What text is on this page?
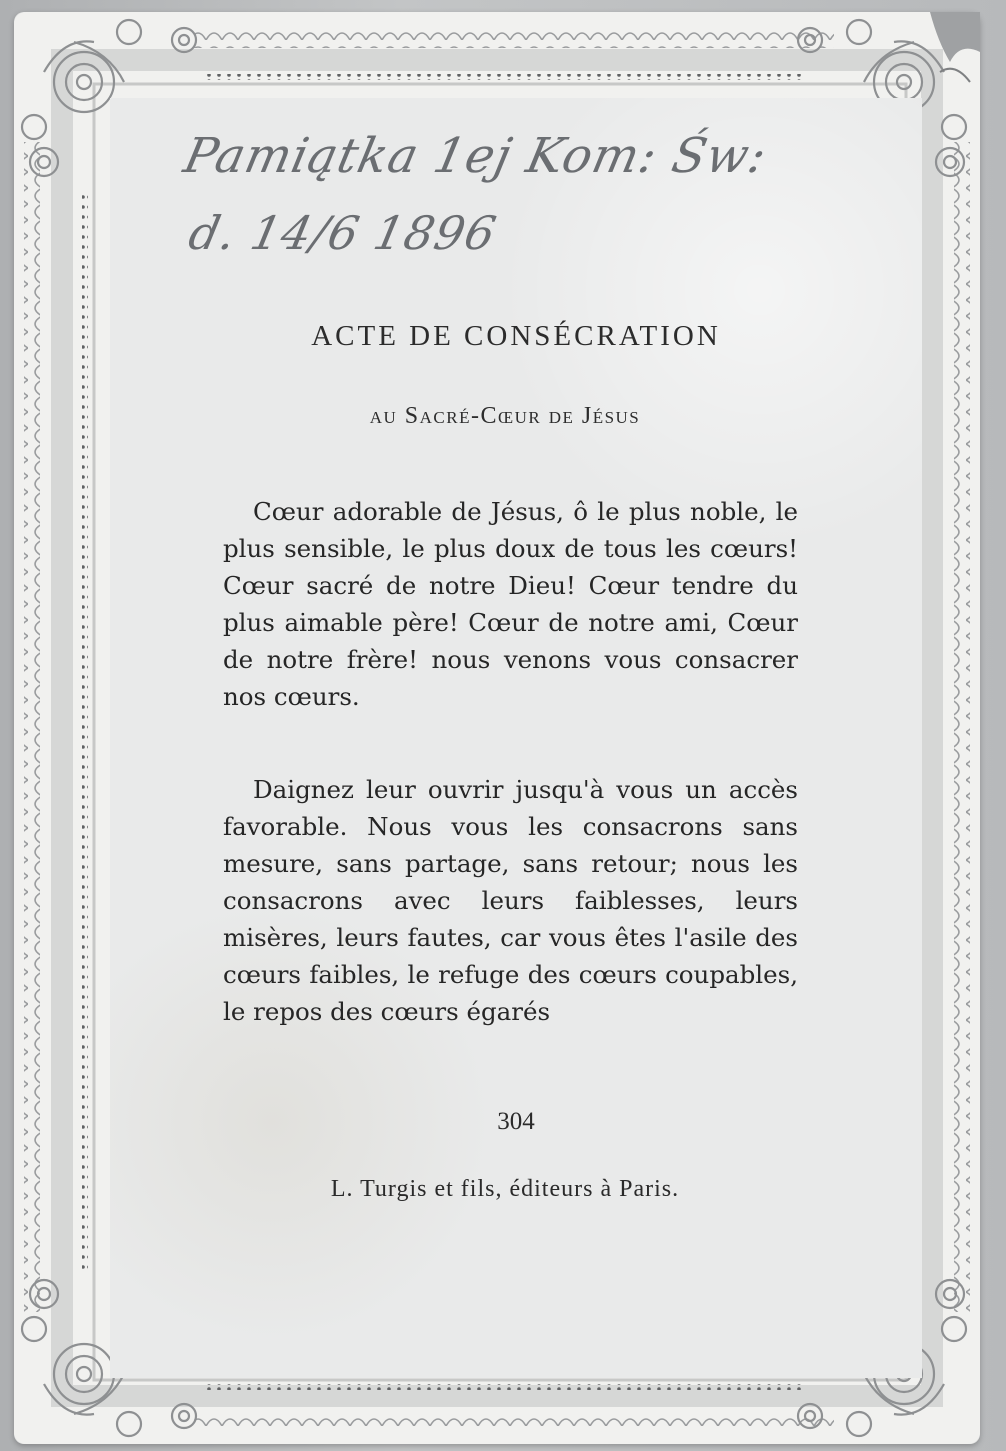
Pamiątka 1ej Kom: Św:
d. 14/6 1896
ACTE DE CONSÉCRATION
au Sacré-Cœur de Jésus
Cœur adorable de Jésus, ô le plus noble, le plus sensible, le plus doux de tous les cœurs! Cœur sacré de notre Dieu! Cœur tendre du plus aimable père! Cœur de notre ami, Cœur de notre frère! nous venons vous consacrer nos cœurs.
Daignez leur ouvrir jusqu'à vous un accès favorable. Nous vous les consacrons sans mesure, sans partage, sans retour; nous les consacrons avec leurs faiblesses, leurs misères, leurs fautes, car vous êtes l'asile des cœurs faibles, le refuge des cœurs coupables, le repos des cœurs égarés
304
L. Turgis et fils, éditeurs à Paris.
